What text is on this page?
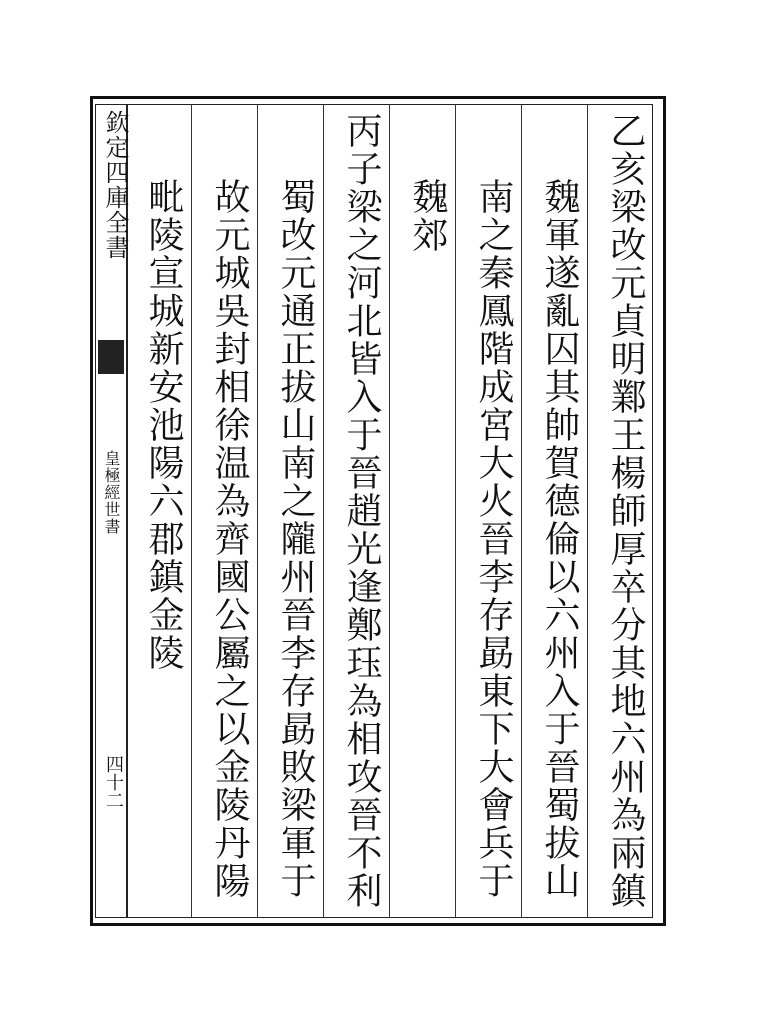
欽定四庫全書
皇極經世書
四十二	乙亥梁改元貞明鄴王楊師厚卒分其地六州為兩鎮
魏軍遂亂囚其帥賀德倫以六州入于晉蜀拔山
南之秦鳳階成宮大火晉李存勗東下大會兵于
魏郊
丙子梁之河北皆入于晉趙光逢鄭珏為相攻晉不利
蜀改元通正拔山南之隴州晉李存勗敗梁軍于
故元城吳封相徐温為齊國公屬之以金陵丹陽
毗陵宣城新安池陽六郡鎮金陵
